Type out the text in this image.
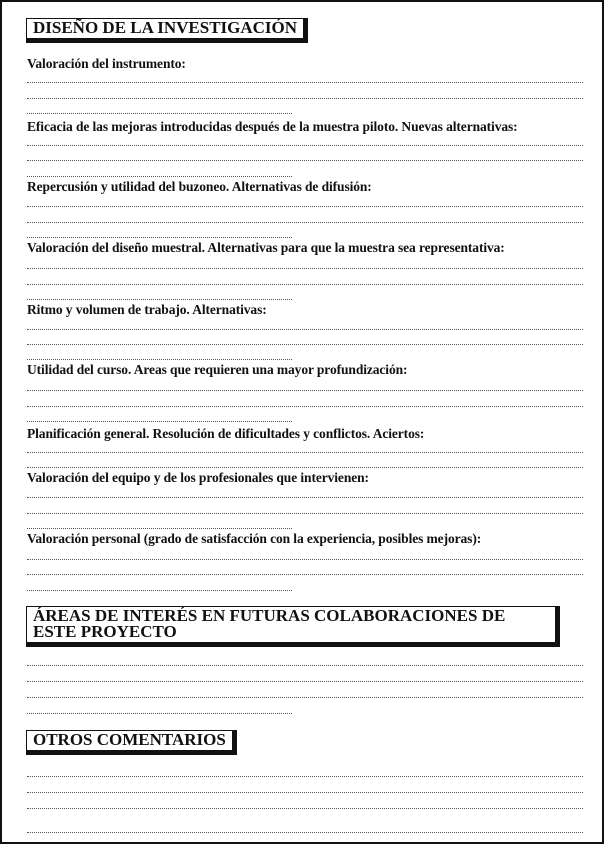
DISEÑO DE LA INVESTIGACIÓN
Valoración del instrumento:
Eficacia de las mejoras introducidas después de la muestra piloto. Nuevas alternativas:
Repercusión y utilidad del buzoneo. Alternativas de difusión:
Valoración del diseño muestral. Alternativas para que la muestra sea representativa:
Ritmo y volumen de trabajo. Alternativas:
Utilidad del curso. Areas que requieren una mayor profundización:
Planificación general. Resolución de dificultades y conflictos. Aciertos:
Valoración del equipo y de los profesionales que intervienen:
Valoración personal (grado de satisfacción con la experiencia, posibles mejoras):
ÁREAS DE INTERÉS EN FUTURAS COLABORACIONES DE
ESTE PROYECTO
OTROS COMENTARIOS
